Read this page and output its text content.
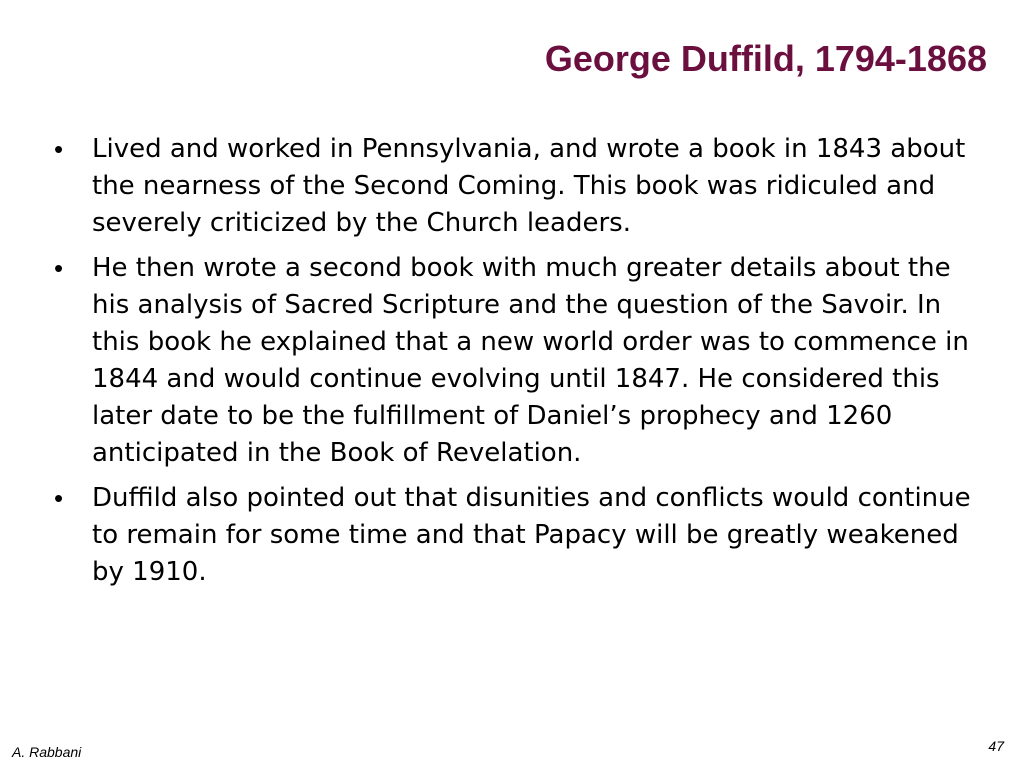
George Duffild, 1794-1868
•	Lived and worked in Pennsylvania, and wrote a book in 1843 about the nearness of the Second Coming. This book was ridiculed and severely criticized by the Church leaders.
•	He then wrote a second book with much greater details about the his analysis of Sacred Scripture and the question of the Savoir. In this book he explained that a new world order was to commence in 1844 and would continue evolving until 1847. He considered this later date to be the fulfillment of Daniel’s prophecy and 1260 anticipated in the Book of Revelation.
•	Duffild also pointed out that disunities and conflicts would continue to remain for some time and that Papacy will be greatly weakened by 1910.
A. Rabbani	47
